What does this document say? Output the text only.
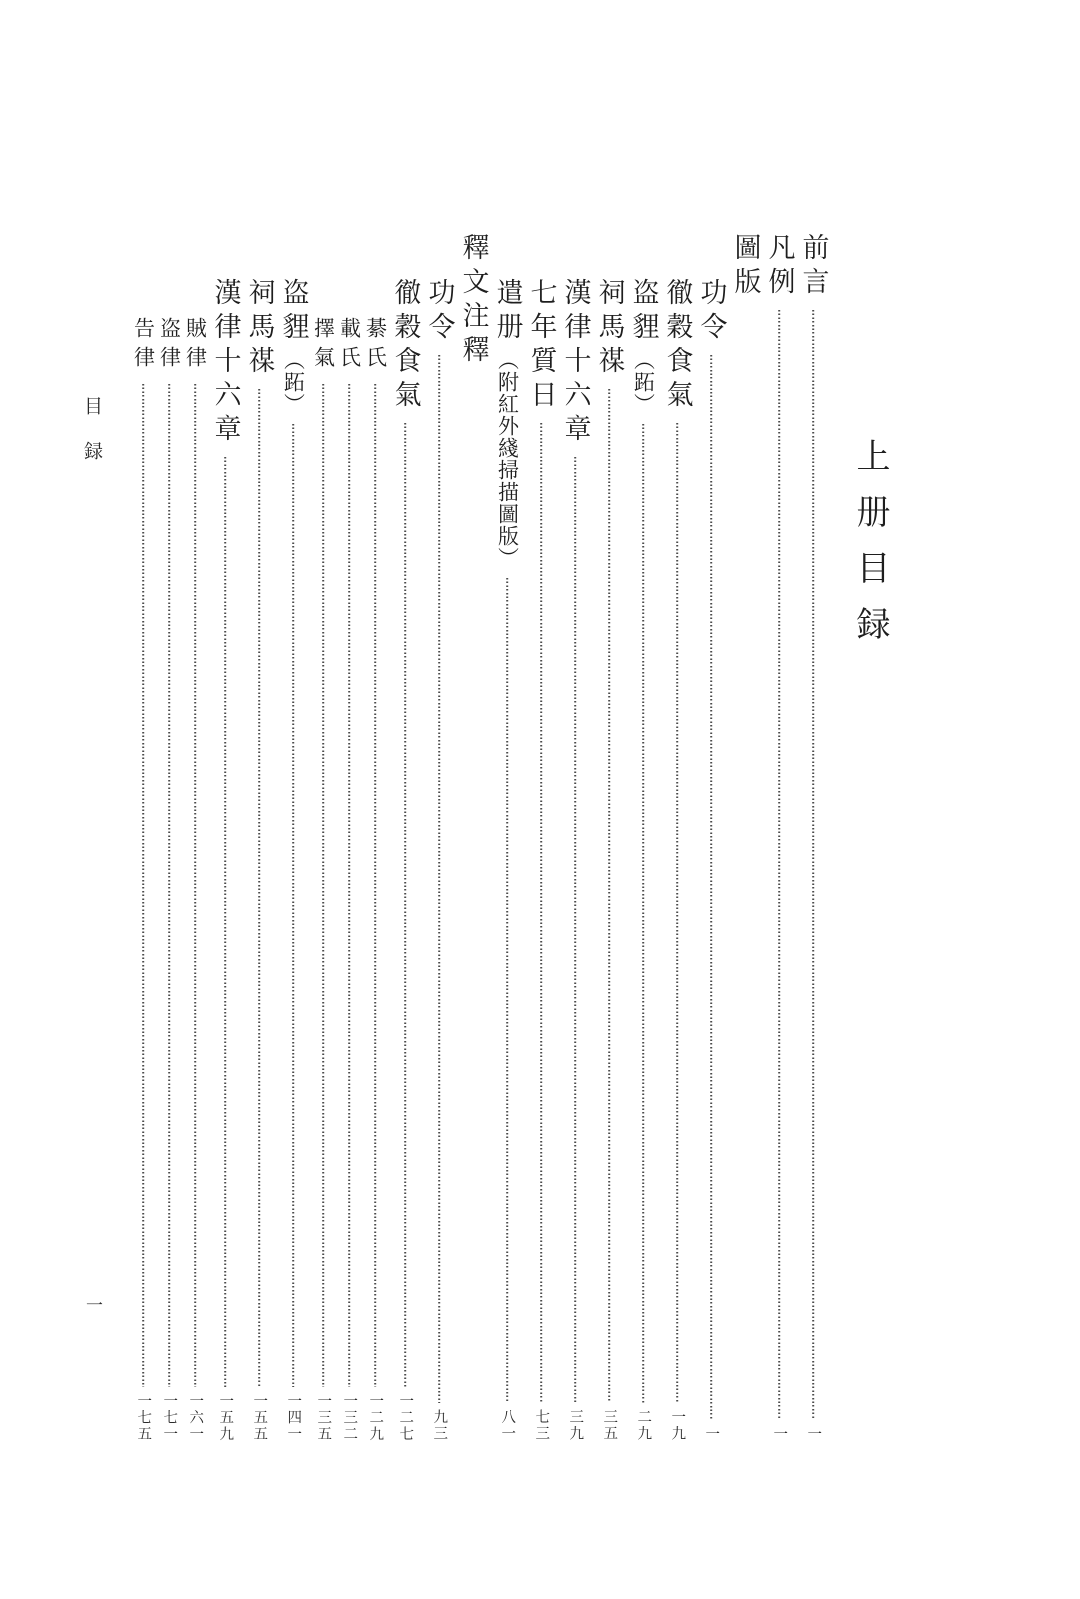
上册目録
前言
一
凡例
一
圖版
功令
一
徹穀食氣
一九
盗貍（跖）
二九
祠馬禖
三五
漢律十六章
三九
七年質日
七三
遣册（附紅外綫掃描圖版）
八一
釋文注釋
功令
九三
徹穀食氣
一二七
綦氏
一二九
載氏
一三二
擇氣
一三五
盗貍（跖）
一四一
祠馬禖
一五五
漢律十六章
一五九
賊律
一六一
盗律
一七一
告律
一七五
目録
一
